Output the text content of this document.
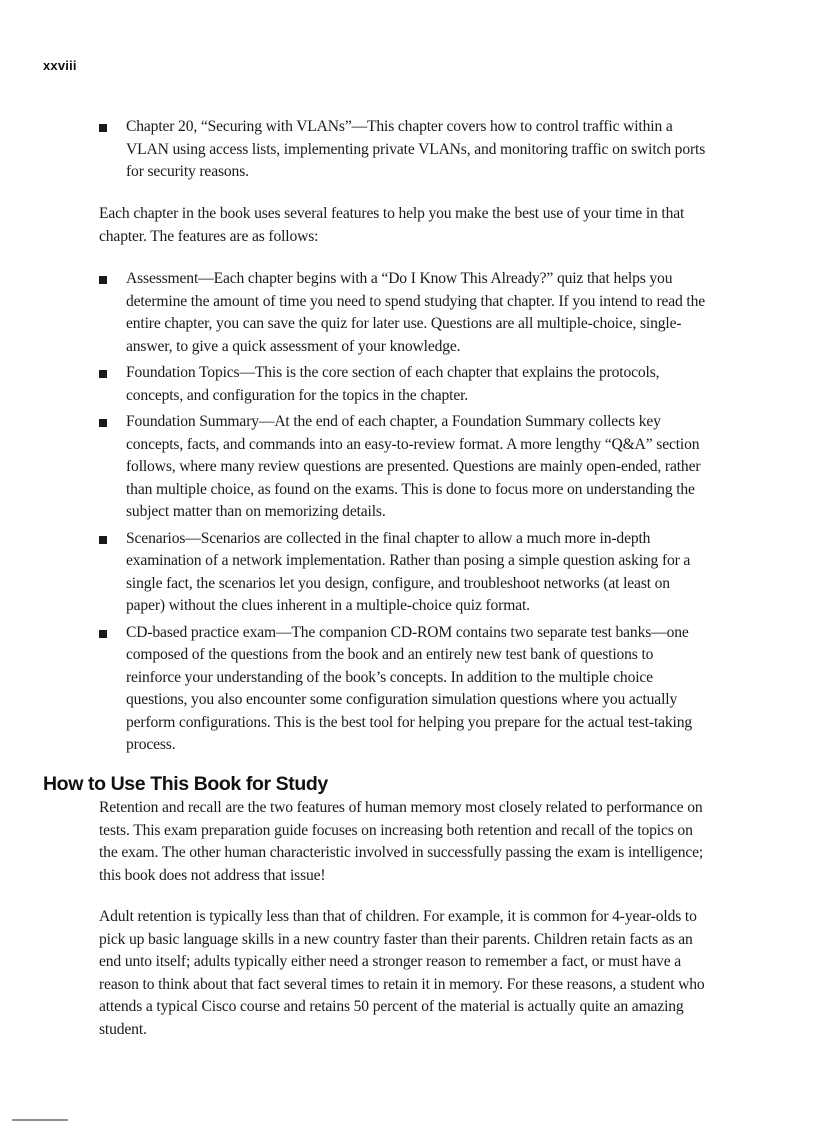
xxviii
Chapter 20, “Securing with VLANs”—This chapter covers how to control traffic within a VLAN using access lists, implementing private VLANs, and monitoring traffic on switch ports for security reasons.

Each chapter in the book uses several features to help you make the best use of your time in that chapter. The features are as follows:

Assessment—Each chapter begins with a “Do I Know This Already?” quiz that helps you determine the amount of time you need to spend studying that chapter. If you intend to read the entire chapter, you can save the quiz for later use. Questions are all multiple-choice, single-answer, to give a quick assessment of your knowledge.
Foundation Topics—This is the core section of each chapter that explains the protocols, concepts, and configuration for the topics in the chapter.
Foundation Summary—At the end of each chapter, a Foundation Summary collects key concepts, facts, and commands into an easy-to-review format. A more lengthy “Q&A” section follows, where many review questions are presented. Questions are mainly open-ended, rather than multiple choice, as found on the exams. This is done to focus more on understanding the subject matter than on memorizing details.
Scenarios—Scenarios are collected in the final chapter to allow a much more in-depth examination of a network implementation. Rather than posing a simple question asking for a single fact, the scenarios let you design, configure, and troubleshoot networks (at least on paper) without the clues inherent in a multiple-choice quiz format.
CD-based practice exam—The companion CD-ROM contains two separate test banks—one composed of the questions from the book and an entirely new test bank of questions to reinforce your understanding of the book’s concepts. In addition to the multiple choice questions, you also encounter some configuration simulation questions where you actually perform configurations. This is the best tool for helping you prepare for the actual test-taking process.
How to Use This Book for Study

Retention and recall are the two features of human memory most closely related to performance on tests. This exam preparation guide focuses on increasing both retention and recall of the topics on the exam. The other human characteristic involved in successfully passing the exam is intelligence; this book does not address that issue!

Adult retention is typically less than that of children. For example, it is common for 4-year-olds to pick up basic language skills in a new country faster than their parents. Children retain facts as an end unto itself; adults typically either need a stronger reason to remember a fact, or must have a reason to think about that fact several times to retain it in memory. For these reasons, a student who attends a typical Cisco course and retains 50 percent of the material is actually quite an amazing student.
